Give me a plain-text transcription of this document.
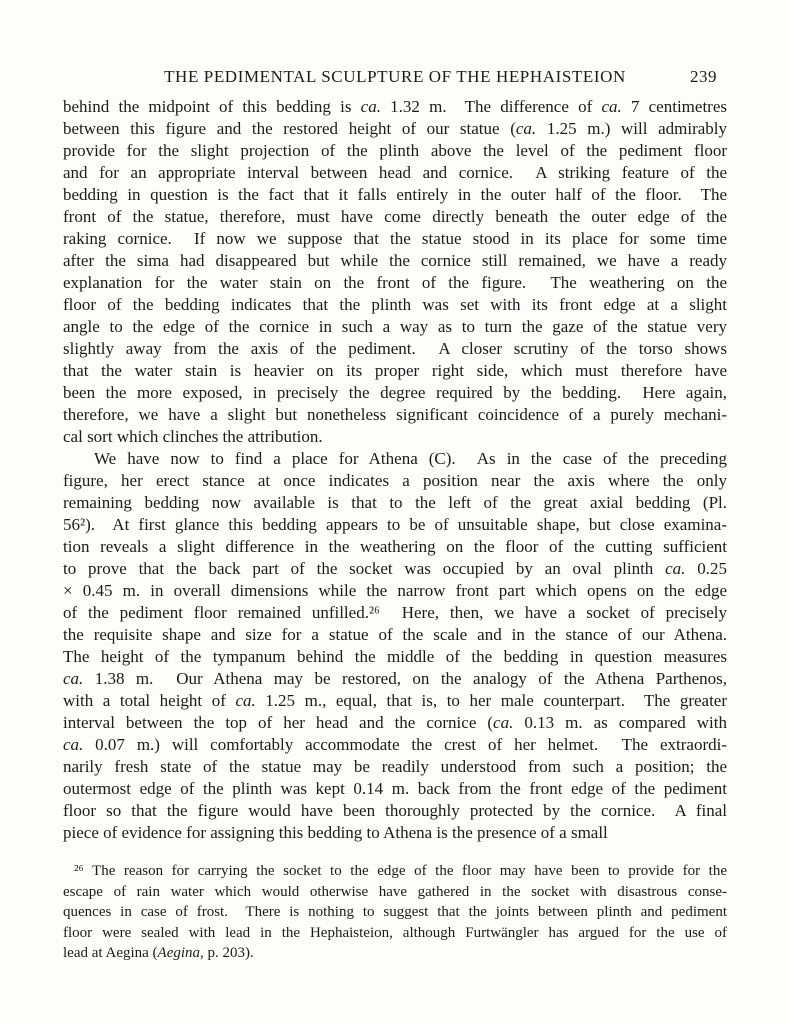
THE PEDIMENTAL SCULPTURE OF THE HEPHAISTEION	239
behind the midpoint of this bedding is ca. 1.32 m.  The difference of ca. 7 centimetres
between this figure and the restored height of our statue (ca. 1.25 m.) will admirably
provide for the slight projection of the plinth above the level of the pediment floor
and for an appropriate interval between head and cornice.  A striking feature of the
bedding in question is the fact that it falls entirely in the outer half of the floor.  The
front of the statue, therefore, must have come directly beneath the outer edge of the
raking cornice.  If now we suppose that the statue stood in its place for some time
after the sima had disappeared but while the cornice still remained, we have a ready
explanation for the water stain on the front of the figure.  The weathering on the
floor of the bedding indicates that the plinth was set with its front edge at a slight
angle to the edge of the cornice in such a way as to turn the gaze of the statue very
slightly away from the axis of the pediment.  A closer scrutiny of the torso shows
that the water stain is heavier on its proper right side, which must therefore have
been the more exposed, in precisely the degree required by the bedding.  Here again,
therefore, we have a slight but nonetheless significant coincidence of a purely mechani-
cal sort which clinches the attribution.
We have now to find a place for Athena (C).  As in the case of the preceding
figure, her erect stance at once indicates a position near the axis where the only
remaining bedding now available is that to the left of the great axial bedding (Pl.
56²).  At first glance this bedding appears to be of unsuitable shape, but close examina-
tion reveals a slight difference in the weathering on the floor of the cutting sufficient
to prove that the back part of the socket was occupied by an oval plinth ca. 0.25
× 0.45 m. in overall dimensions while the narrow front part which opens on the edge
of the pediment floor remained unfilled.²⁶  Here, then, we have a socket of precisely
the requisite shape and size for a statue of the scale and in the stance of our Athena.
The height of the tympanum behind the middle of the bedding in question measures
ca. 1.38 m.  Our Athena may be restored, on the analogy of the Athena Parthenos,
with a total height of ca. 1.25 m., equal, that is, to her male counterpart.  The greater
interval between the top of her head and the cornice (ca. 0.13 m. as compared with
ca. 0.07 m.) will comfortably accommodate the crest of her helmet.  The extraordi-
narily fresh state of the statue may be readily understood from such a position; the
outermost edge of the plinth was kept 0.14 m. back from the front edge of the pediment
floor so that the figure would have been thoroughly protected by the cornice.  A final
piece of evidence for assigning this bedding to Athena is the presence of a small
²⁶ The reason for carrying the socket to the edge of the floor may have been to provide for the
escape of rain water which would otherwise have gathered in the socket with disastrous conse-
quences in case of frost.  There is nothing to suggest that the joints between plinth and pediment
floor were sealed with lead in the Hephaisteion, although Furtwängler has argued for the use of
lead at Aegina (Aegina, p. 203).
